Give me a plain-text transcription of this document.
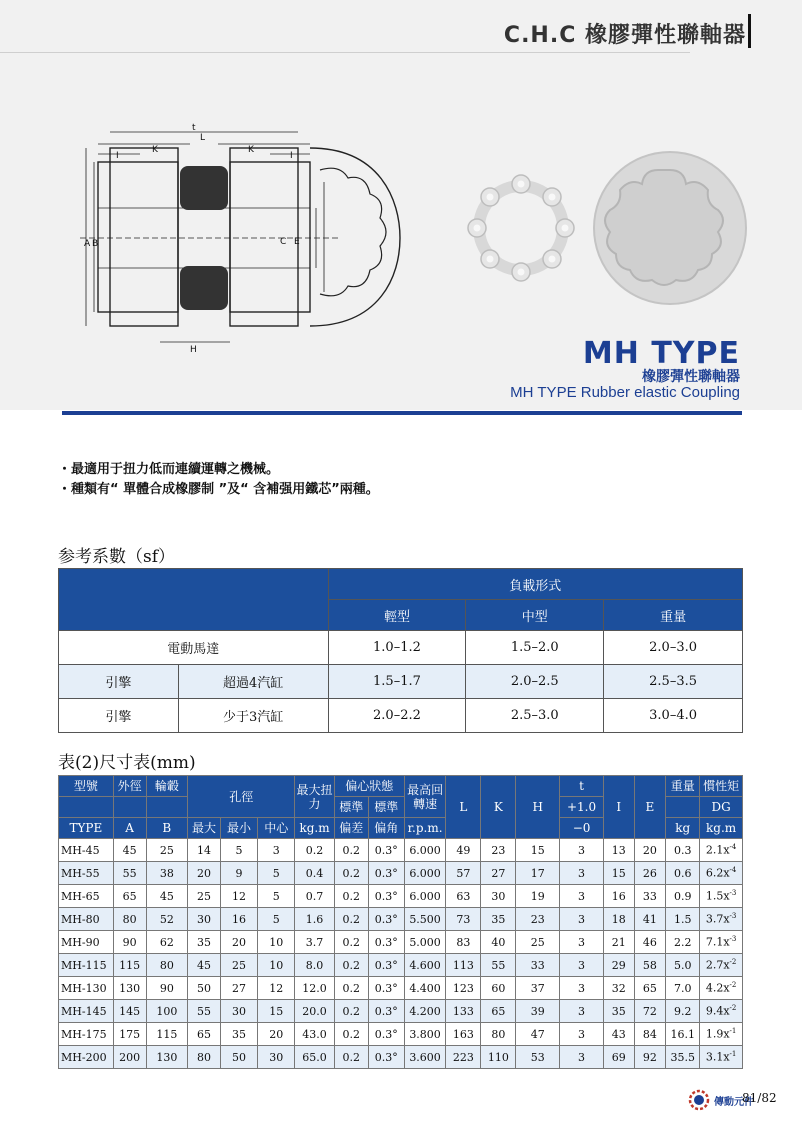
C.H.C 橡膠彈性聯軸器
t
L
K	K
I	I
A B	C E
H	MH TYPE
橡膠彈性聯軸器
MH TYPE Rubber elastic Coupling
・最適用于扭力低而連續運轉之機械。
・種類有“ 單體合成橡膠制 ”及“ 含補强用鐵芯”兩種。
参考系數（sf）
		負載形式		
		輕型	中型	重量
電動馬達		1.0–1.2	1.5–2.0	2.0–3.0
引擎	超過4汽缸	1.5–1.7	2.0–2.5	2.5–3.5
引擎	少于3汽缸	2.0–2.2	2.5–3.0	3.0–4.0
表(2)尺寸表(mm)
型號	外徑	輪轂	孔徑			最大扭力	偏心狀態		最高回轉速	L	K	H	t	I	E	重量	慣性矩
							標準	標準					+1.0				DG
TYPE	A	B	最大	最小	中心	kg.m	偏差	偏角	r.p.m.				−0			kg	kg.m
MH-45	45	25	14	5	3	0.2	0.2	0.3°	6.000	49	23	15	3	13	20	0.3	$2.1x^{-4}$
MH-55	55	38	20	9	5	0.4	0.2	0.3°	6.000	57	27	17	3	15	26	0.6	$6.2x^{-4}$
MH-65	65	45	25	12	5	0.7	0.2	0.3°	6.000	63	30	19	3	16	33	0.9	$1.5x^{-3}$
MH-80	80	52	30	16	5	1.6	0.2	0.3°	5.500	73	35	23	3	18	41	1.5	$3.7x^{-3}$
MH-90	90	62	35	20	10	3.7	0.2	0.3°	5.000	83	40	25	3	21	46	2.2	$7.1x^{-3}$
MH-115	115	80	45	25	10	8.0	0.2	0.3°	4.600	113	55	33	3	29	58	5.0	$2.7x^{-2}$
MH-130	130	90	50	27	12	12.0	0.2	0.3°	4.400	123	60	37	3	32	65	7.0	$4.2x^{-2}$
MH-145	145	100	55	30	15	20.0	0.2	0.3°	4.200	133	65	39	3	35	72	9.2	$9.4x^{-2}$
MH-175	175	115	65	35	20	43.0	0.2	0.3°	3.800	163	80	47	3	43	84	16.1	$1.9x^{-1}$
MH-200	200	130	80	50	30	65.0	0.2	0.3°	3.600	223	110	53	3	69	92	35.5	$3.1x^{-1}$
傳動元件
81/82
